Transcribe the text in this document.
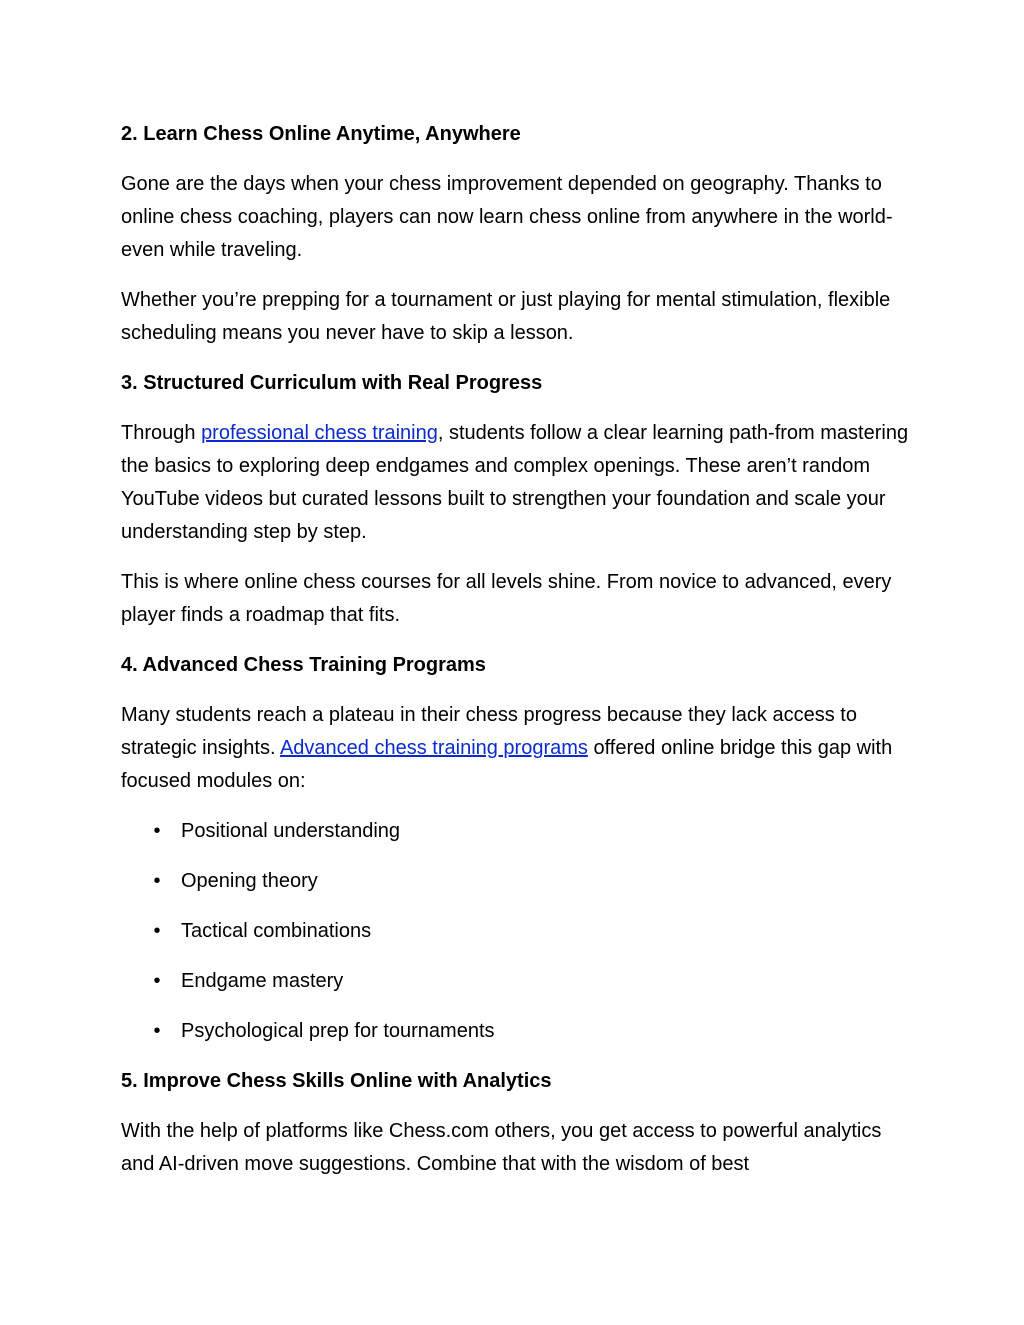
2. Learn Chess Online Anytime, Anywhere
Gone are the days when your chess improvement depended on geography. Thanks to online chess coaching, players can now learn chess online from anywhere in the world-even while traveling.
Whether you’re prepping for a tournament or just playing for mental stimulation, flexible scheduling means you never have to skip a lesson.
3. Structured Curriculum with Real Progress
Through professional chess training, students follow a clear learning path-from mastering the basics to exploring deep endgames and complex openings. These aren’t random YouTube videos but curated lessons built to strengthen your foundation and scale your understanding step by step.
This is where online chess courses for all levels shine. From novice to advanced, every player finds a roadmap that fits.
4. Advanced Chess Training Programs
Many students reach a plateau in their chess progress because they lack access to strategic insights. Advanced chess training programs offered online bridge this gap with focused modules on:
• Positional understanding
• Opening theory
• Tactical combinations
• Endgame mastery
• Psychological prep for tournaments
5. Improve Chess Skills Online with Analytics
With the help of platforms like Chess.com others, you get access to powerful analytics and AI-driven move suggestions. Combine that with the wisdom of best
